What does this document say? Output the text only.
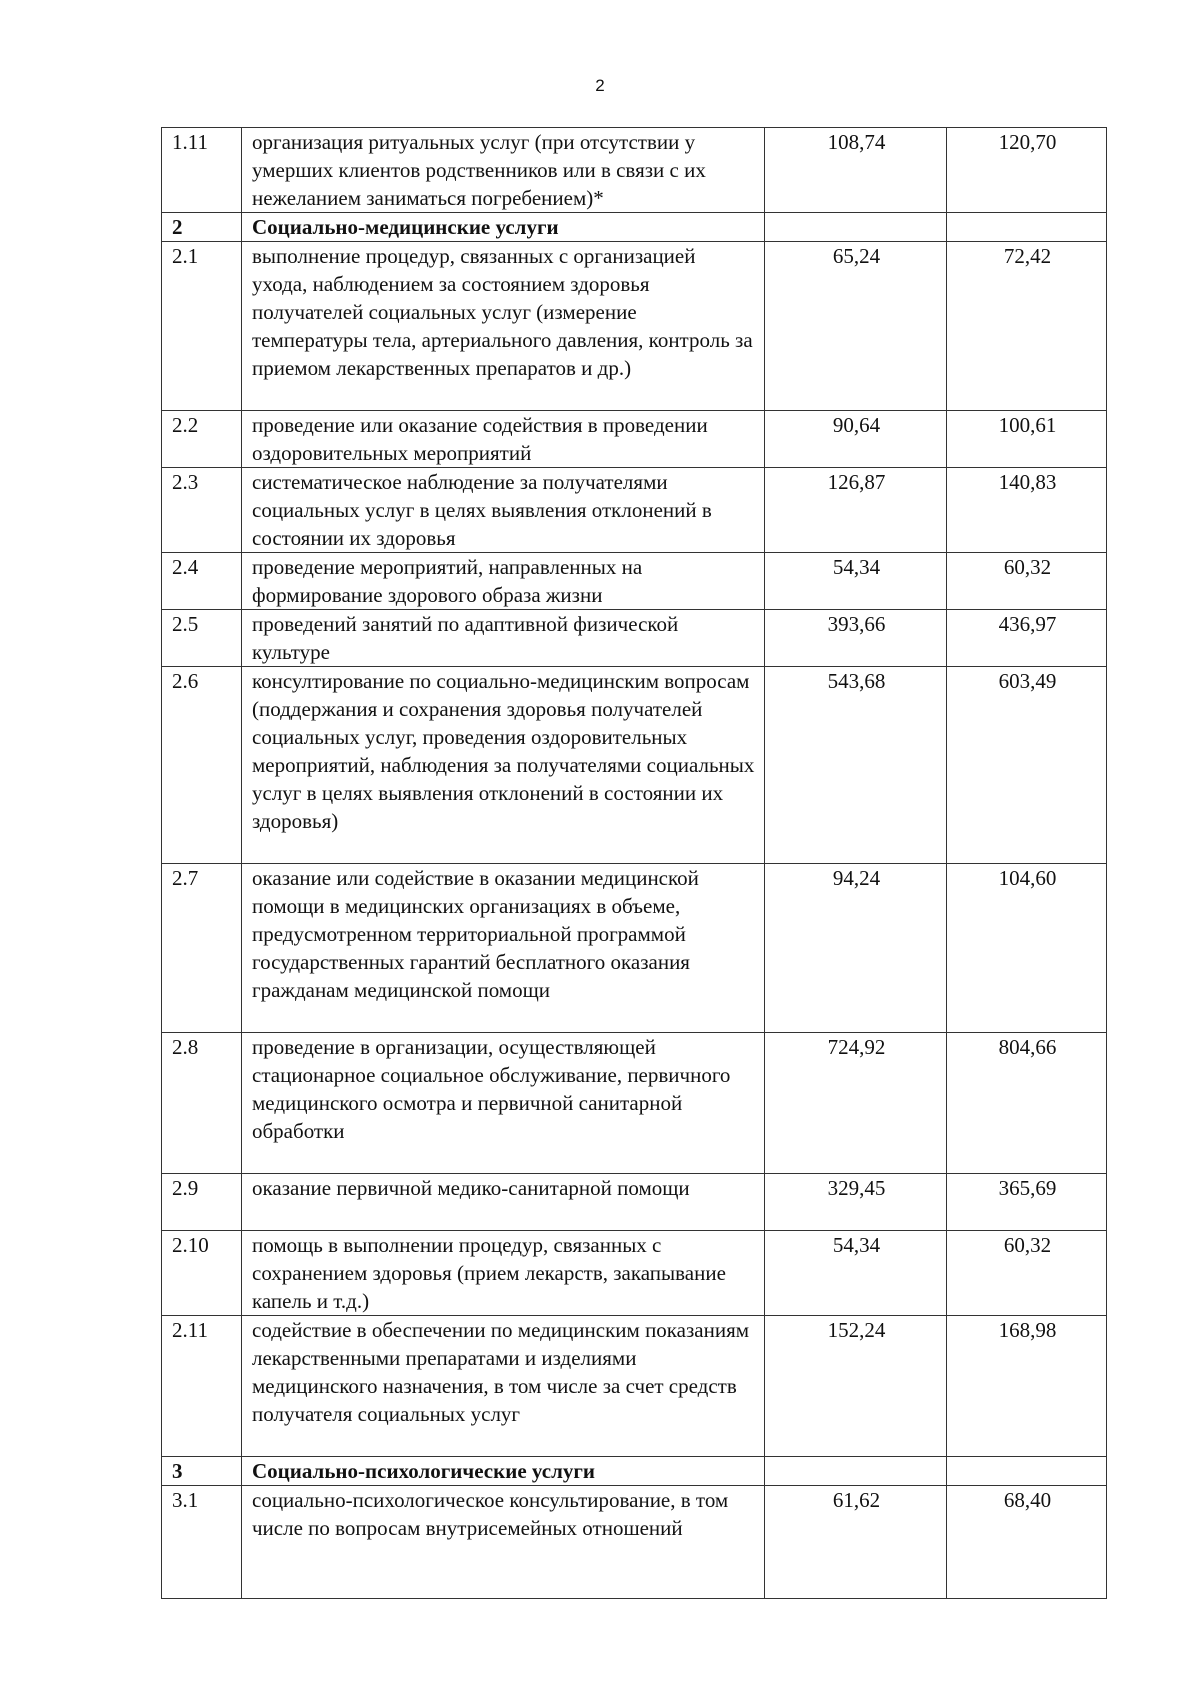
2
1.11	организация ритуальных услуг (при отсутствии у умерших клиентов родственников или в связи с их нежеланием заниматься погребением)*	108,74	120,70
2	Социально-медицинские услуги		
2.1	выполнение процедур, связанных с организацией ухода, наблюдением за состоянием здоровья получателей социальных услуг (измерение температуры тела, артериального давления, контроль за приемом лекарственных препаратов и др.)	65,24	72,42
2.2	проведение или оказание содействия в проведении оздоровительных мероприятий	90,64	100,61
2.3	систематическое наблюдение за получателями социальных услуг в целях выявления отклонений в состоянии их здоровья	126,87	140,83
2.4	проведение мероприятий, направленных на формирование здорового образа жизни	54,34	60,32
2.5	проведений занятий по адаптивной физической культуре	393,66	436,97
2.6	консултирование по социально-медицинским вопросам (поддержания и сохранения здоровья получателей социальных услуг, проведения оздоровительных мероприятий, наблюдения за получателями социальных услуг в целях выявления отклонений в состоянии их здоровья)	543,68	603,49
2.7	оказание или содействие в оказании медицинской помощи в медицинских организациях в объеме, предусмотренном территориальной программой государственных гарантий бесплатного оказания гражданам медицинской помощи	94,24	104,60
2.8	проведение в организации, осуществляющей стационарное социальное обслуживание, первичного медицинского осмотра и первичной санитарной обработки	724,92	804,66
2.9	оказание первичной медико-санитарной помощи	329,45	365,69
2.10	помощь в выполнении процедур, связанных с сохранением здоровья (прием лекарств, закапывание капель и т.д.)	54,34	60,32
2.11	содействие в обеспечении по медицинским показаниям лекарственными препаратами и изделиями медицинского назначения, в том числе за счет средств получателя социальных услуг	152,24	168,98
3	Социально-психологические услуги		
3.1	социально-психологическое консультирование, в том числе по вопросам внутрисемейных отношений	61,62	68,40
